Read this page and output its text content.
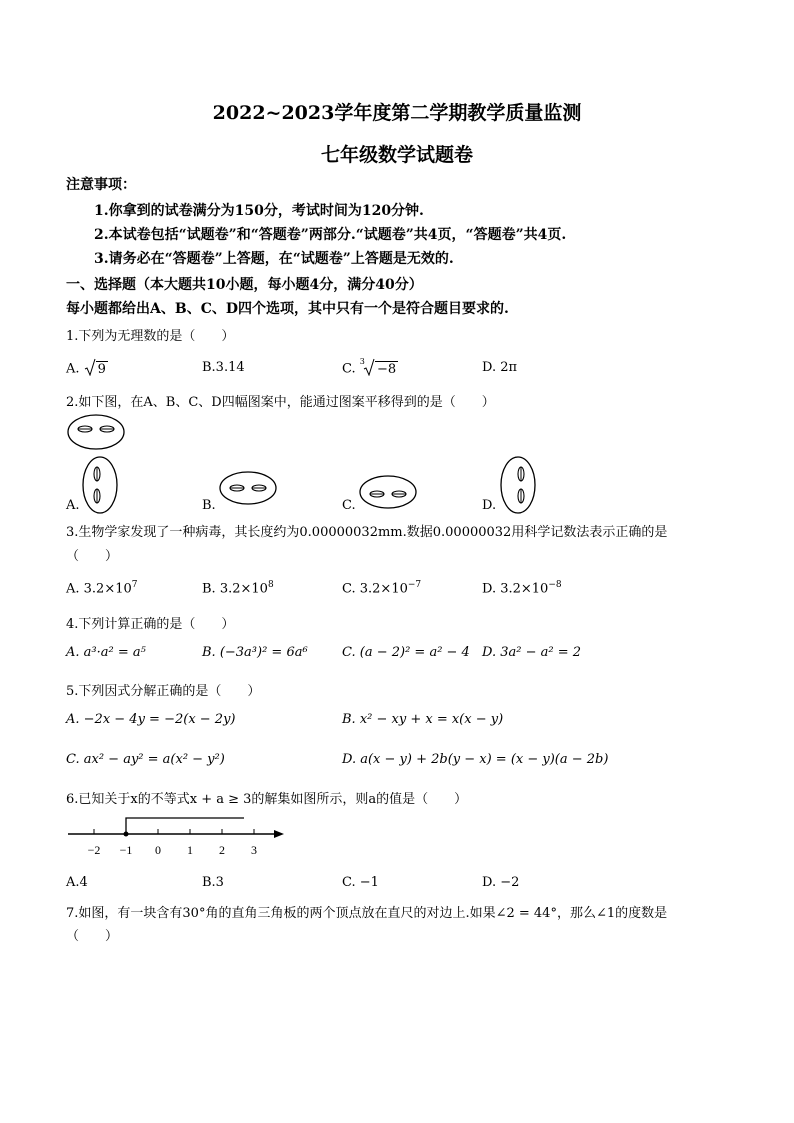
2022~2023学年度第二学期教学质量监测
七年级数学试题卷
注意事项：
1.你拿到的试卷满分为150分，考试时间为120分钟.
2.本试卷包括“试题卷”和“答题卷”两部分.“试题卷”共4页，“答题卷”共4页.
3.请务必在“答题卷”上答题，在“试题卷”上答题是无效的.
一、选择题（本大题共10小题，每小题4分，满分40分）
每小题都给出A、B、C、D四个选项，其中只有一个是符合题目要求的.
1.下列为无理数的是（　　）
A. 9	B.3.14	C. $^3$ −8	D. 2π
2.如下图，在A、B、C、D四幅图案中，能通过图案平移得到的是（　　）
A.	B.	C.	D.
3.生物学家发现了一种病毒，其长度约为0.00000032mm.数据0.00000032用科学记数法表示正确的是
（　　）
A. $3.2\times 10^7$	B. $3.2\times 10^8$	C. $3.2\times 10^{-7}$	D. $3.2\times 10^{-8}$
4.下列计算正确的是（　　）
A. a³·a² = a⁵	B. (−3a³)² = 6a⁶	C. (a − 2)² = a² − 4 D. 3a² − a² = 2
5.下列因式分解正确的是（　　）
A. −2x − 4y = −2(x − 2y)	B. x² − xy + x = x(x − y)
C. ax² − ay² = a(x² − y²)	D. a(x − y) + 2b(y − x) = (x − y)(a − 2b)
6.已知关于x的不等式x + a ≥ 3的解集如图所示，则a的值是（　　）
−2 −1 0 1 2 3
A.4	B.3	C. −1	D. −2
7.如图，有一块含有30°角的直角三角板的两个顶点放在直尺的对边上.如果∠2 = 44°，那么∠1的度数是
（　　）
